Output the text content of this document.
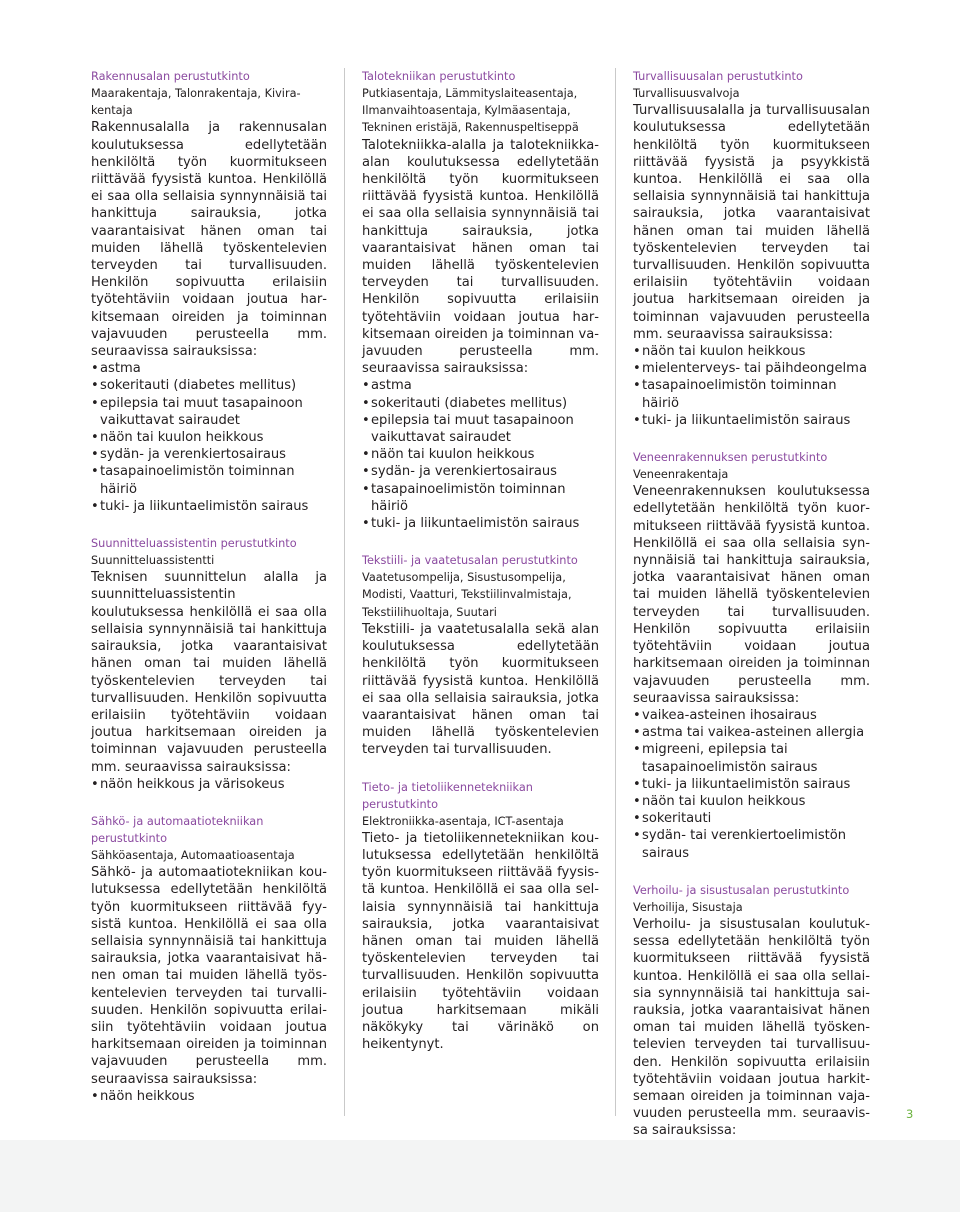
Rakennusalan perustutkinto

Maarakentaja, Talonrakentaja, Kivirakentaja

Rakennusalalla ja rakennusalan koulutuksessa edellytetään henkilöltä työn kuormitukseen riittävää fyysistä kuntoa. Henkilöllä ei saa olla sellaisia synnynnäisiä tai hankittuja sairauksia, jotka vaarantaisivat hänen oman tai muiden lähellä työskentelevien terveyden tai turvallisuuden. Henkilön sopivuutta erilaisiin työtehtäviin voidaan joutua harkitsemaan oireiden ja toiminnan vajavuuden perusteella mm. seuraavissa sairauksissa:

• astma
• sokeritauti (diabetes mellitus)
• epilepsia tai muut tasapainoon vaikuttavat sairaudet
• näön tai kuulon heikkous
• sydän- ja verenkiertosairaus
• tasapainoelimistön toiminnan häiriö
• tuki- ja liikuntaelimistön sairaus

Suunnitteluassistentin perustutkinto

Suunnitteluassistentti

Teknisen suunnittelun alalla ja suunnitteluassistentin koulutuksessa henkilöllä ei saa olla sellaisia synnynnäisiä tai hankittuja sairauksia, jotka vaarantaisivat hänen oman tai muiden lähellä työskentelevien terveyden tai turvallisuuden. Henkilön sopivuutta erilaisiin työtehtäviin voidaan joutua harkitsemaan oireiden ja toiminnan vajavuuden perusteella mm. seuraavissa sairauksissa:

• näön heikkous ja värisokeus

Sähkö- ja automaatiotekniikan perustutkinto

Sähköasentaja, Automaatioasentaja

Sähkö- ja automaatiotekniikan koulutuksessa edellytetään henkilöltä työn kuormitukseen riittävää fyysistä kuntoa. Henkilöllä ei saa olla sellaisia synnynnäisiä tai hankittuja sairauksia, jotka vaarantaisivat hänen oman tai muiden lähellä työskentelevien terveyden tai turvallisuuden. Henkilön sopivuutta erilaisiin työtehtäviin voidaan joutua harkitsemaan oireiden ja toiminnan vajavuuden perusteella mm. seuraavissa sairauksissa:

• näön heikkous

Talotekniikan perustutkinto

Putkiasentaja, Lämmityslaiteasentaja, Ilmanvaihtoasentaja, Kylmäasentaja, Tekninen eristäjä, Rakennuspeltiseppä

Talotekniikka-alalla ja talotekniikkaalan koulutuksessa edellytetään henkilöltä työn kuormitukseen riittävää fyysistä kuntoa. Henkilöllä ei saa olla sellaisia synnynnäisiä tai hankittuja sairauksia, jotka vaarantaisivat hänen oman tai muiden lähellä työskentelevien terveyden tai turvallisuuden. Henkilön sopivuutta erilaisiin työtehtäviin voidaan joutua harkitsemaan oireiden ja toiminnan vajavuuden perusteella mm. seuraavissa sairauksissa:

• astma
• sokeritauti (diabetes mellitus)
• epilepsia tai muut tasapainoon vaikuttavat sairaudet
• näön tai kuulon heikkous
• sydän- ja verenkiertosairaus
• tasapainoelimistön toiminnan häiriö
• tuki- ja liikuntaelimistön sairaus

Tekstiili- ja vaatetusalan perustutkinto

Vaatetusompelija, Sisustusompelija, Modisti, Vaatturi, Tekstiilinvalmistaja, Tekstiilihuoltaja, Suutari

Tekstiili- ja vaatetusalalla sekä alan koulutuksessa edellytetään henkilöltä työn kuormitukseen riittävää fyysistä kuntoa. Henkilöllä ei saa olla sellaisia sairauksia, jotka vaarantaisivat hänen oman tai muiden lähellä työskentelevien terveyden tai turvallisuuden.

Tieto- ja tietoliikennetekniikan perustutkinto

Elektroniikka-asentaja, ICT-asentaja

Tieto- ja tietoliikennetekniikan koulutuksessa edellytetään henkilöltä työn kuormitukseen riittävää fyysistä kuntoa. Henkilöllä ei saa olla sellaisia synnynnäisiä tai hankittuja sairauksia, jotka vaarantaisivat hänen oman tai muiden lähellä työskentelevien terveyden tai turvallisuuden. Henkilön sopivuutta erilaisiin työtehtäviin voidaan joutua harkitsemaan mikäli näkökyky tai värinäkö on heikentynyt.

Turvallisuusalan perustutkinto

Turvallisuusvalvoja

Turvallisuusalalla ja turvallisuusalan koulutuksessa edellytetään henkilöltä työn kuormitukseen riittävää fyysistä ja psyykkistä kuntoa. Henkilöllä ei saa olla sellaisia synnynnäisiä tai hankittuja sairauksia, jotka vaarantaisivat hänen oman tai muiden lähellä työskentelevien terveyden tai turvallisuuden. Henkilön sopivuutta erilaisiin työtehtäviin voidaan joutua harkitsemaan oireiden ja toiminnan vajavuuden perusteella mm. seuraavissa sairauksissa:

• näön tai kuulon heikkous
• mielenterveys- tai päihdeongelma
• tasapainoelimistön toiminnan häiriö
• tuki- ja liikuntaelimistön sairaus

Veneenrakennuksen perustutkinto

Veneenrakentaja

Veneenrakennuksen koulutuksessa edellytetään henkilöltä työn kuormitukseen riittävää fyysistä kuntoa. Henkilöllä ei saa olla sellaisia synnynnäisiä tai hankittuja sairauksia, jotka vaarantaisivat hänen oman tai muiden lähellä työskentelevien terveyden tai turvallisuuden. Henkilön sopivuutta erilaisiin työtehtäviin voidaan joutua harkitsemaan oireiden ja toiminnan vajavuuden perusteella mm. seuraavissa sairauksissa:

• vaikea-asteinen ihosairaus
• astma tai vaikea-asteinen allergia
• migreeni, epilepsia tai tasapainoelimistön sairaus
• tuki- ja liikuntaelimistön sairaus
• näön tai kuulon heikkous
• sokeritauti
• sydän- tai verenkiertoelimistön sairaus

Verhoilu- ja sisustusalan perustutkinto

Verhoilija, Sisustaja

Verhoilu- ja sisustusalan koulutuksessa edellytetään henkilöltä työn kuormitukseen riittävää fyysistä kuntoa. Henkilöllä ei saa olla sellaisia synnynnäisiä tai hankittuja sairauksia, jotka vaarantaisivat hänen oman tai muiden lähellä työskentelevien terveyden tai turvallisuuden. Henkilön sopivuutta erilaisiin työtehtäviin voidaan joutua harkitsemaan oireiden ja toiminnan vajavuuden perusteella mm. seuraavissa sairauksissa:

•
3
